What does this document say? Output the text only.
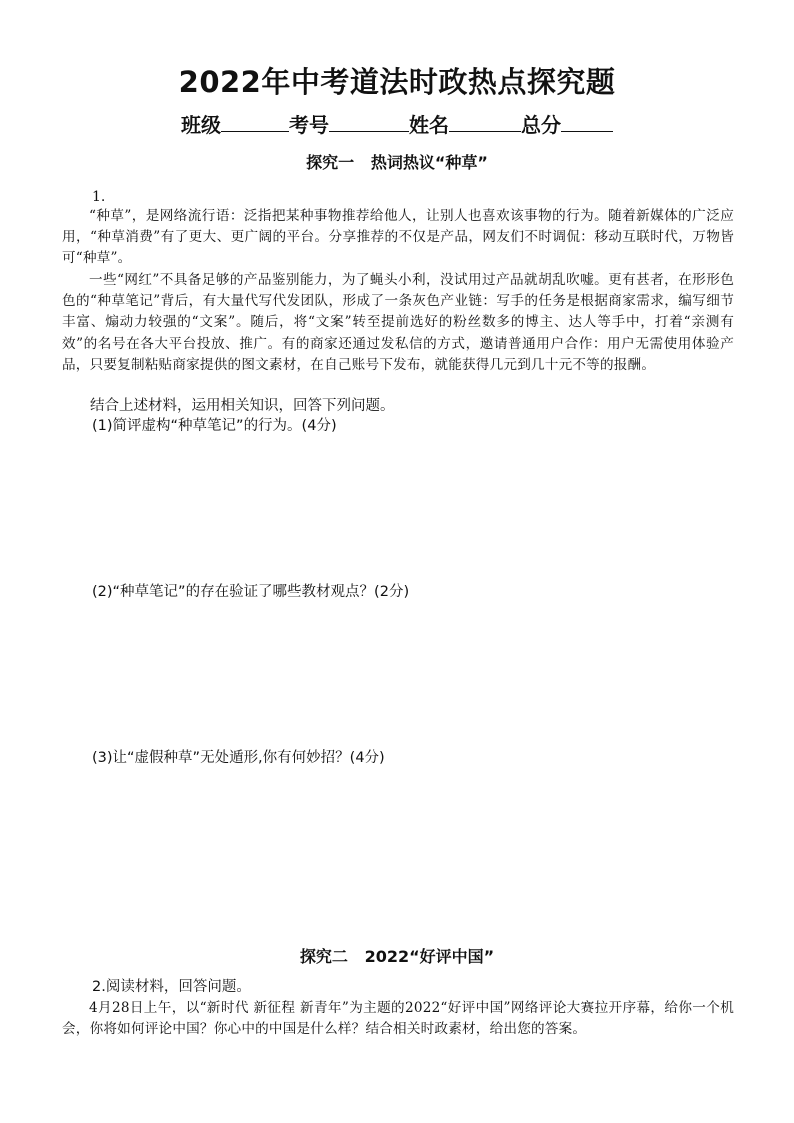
2022年中考道法时政热点探究题
班级	考号	姓名	总分
探究一   热词热议“种草”
1.
“种草”，是网络流行语：泛指把某种事物推荐给他人，让别人也喜欢该事物的行为。随着新媒体的广泛应用，“种草消费”有了更大、更广阔的平台。分享推荐的不仅是产品，网友们不时调侃：移动互联时代，万物皆可“种草”。
一些“网红”不具备足够的产品鉴别能力，为了蝇头小利，没试用过产品就胡乱吹嘘。更有甚者，在形形色色的“种草笔记”背后，有大量代写代发团队，形成了一条灰色产业链：写手的任务是根据商家需求，编写细节丰富、煽动力较强的“文案”。随后，将“文案”转至提前选好的粉丝数多的博主、达人等手中，打着“亲测有效”的名号在各大平台投放、推广。有的商家还通过发私信的方式，邀请普通用户合作：用户无需使用体验产品，只要复制粘贴商家提供的图文素材，在自己账号下发布，就能获得几元到几十元不等的报酬。
结合上述材料，运用相关知识，回答下列问题。
(1)简评虚构“种草笔记”的行为。(4分)
(2)“种草笔记”的存在验证了哪些教材观点？(2分)
(3)让“虚假种草”无处遁形,你有何妙招？(4分)
探究二   2022“好评中国”
2.阅读材料，回答问题。
4月28日上午，以“新时代 新征程 新青年”为主题的2022“好评中国”网络评论大赛拉开序幕，给你一个机会，你将如何评论中国？你心中的中国是什么样？结合相关时政素材，给出您的答案。
